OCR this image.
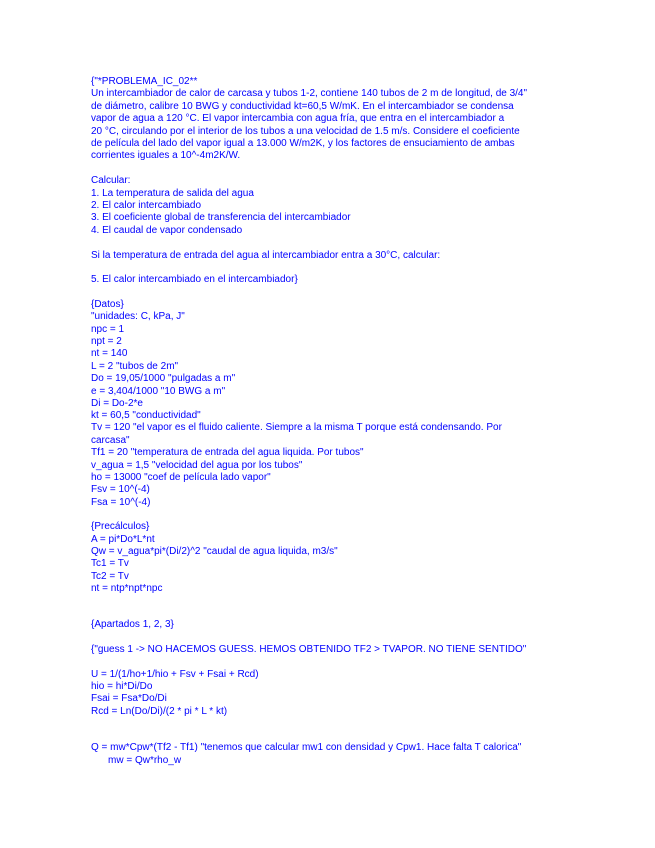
{"*PROBLEMA_IC_02**
Un intercambiador de calor de carcasa y tubos 1-2, contiene 140 tubos de 2 m de longitud, de 3/4"
de diámetro, calibre 10 BWG y conductividad kt=60,5 W/mK. En el intercambiador se condensa
vapor de agua a 120 °C. El vapor intercambia con agua fría, que entra en el intercambiador a
20 °C, circulando por el interior de los tubos a una velocidad de 1.5 m/s. Considere el coeficiente
de película del lado del vapor igual a 13.000 W/m2K, y los factores de ensuciamiento de ambas
corrientes iguales a 10^-4m2K/W.
Calcular:
1. La temperatura de salida del agua
2. El calor intercambiado
3. El coeficiente global de transferencia del intercambiador
4. El caudal de vapor condensado
Si la temperatura de entrada del agua al intercambiador entra a 30°C, calcular:
5. El calor intercambiado en el intercambiador}
{Datos}
"unidades: C, kPa, J"
npc = 1
npt = 2
nt = 140
L = 2 "tubos de 2m"
Do = 19,05/1000 "pulgadas a m"
e = 3,404/1000 "10 BWG a m"
Di = Do-2*e
kt = 60,5 "conductividad"
Tv = 120 "el vapor es el fluido caliente. Siempre a la misma T porque está condensando. Por
carcasa"
Tf1 = 20 "temperatura de entrada del agua liquida. Por tubos"
v_agua = 1,5 "velocidad del agua por los tubos"
ho = 13000 "coef de película lado vapor"
Fsv = 10^(-4)
Fsa = 10^(-4)
{Precálculos}
A = pi*Do*L*nt
Qw = v_agua*pi*(Di/2)^2 "caudal de agua liquida, m3/s"
Tc1 = Tv
Tc2 = Tv
nt = ntp*npt*npc
{Apartados 1, 2, 3}
{"guess 1 -> NO HACEMOS GUESS. HEMOS OBTENIDO TF2 > TVAPOR. NO TIENE SENTIDO"
U = 1/(1/ho+1/hio + Fsv + Fsai + Rcd)
hio = hi*Di/Do
Fsai = Fsa*Do/Di
Rcd = Ln(Do/Di)/(2 * pi * L * kt)
Q = mw*Cpw*(Tf2 - Tf1) "tenemos que calcular mw1 con densidad y Cpw1. Hace falta T calorica"
mw = Qw*rho_w
